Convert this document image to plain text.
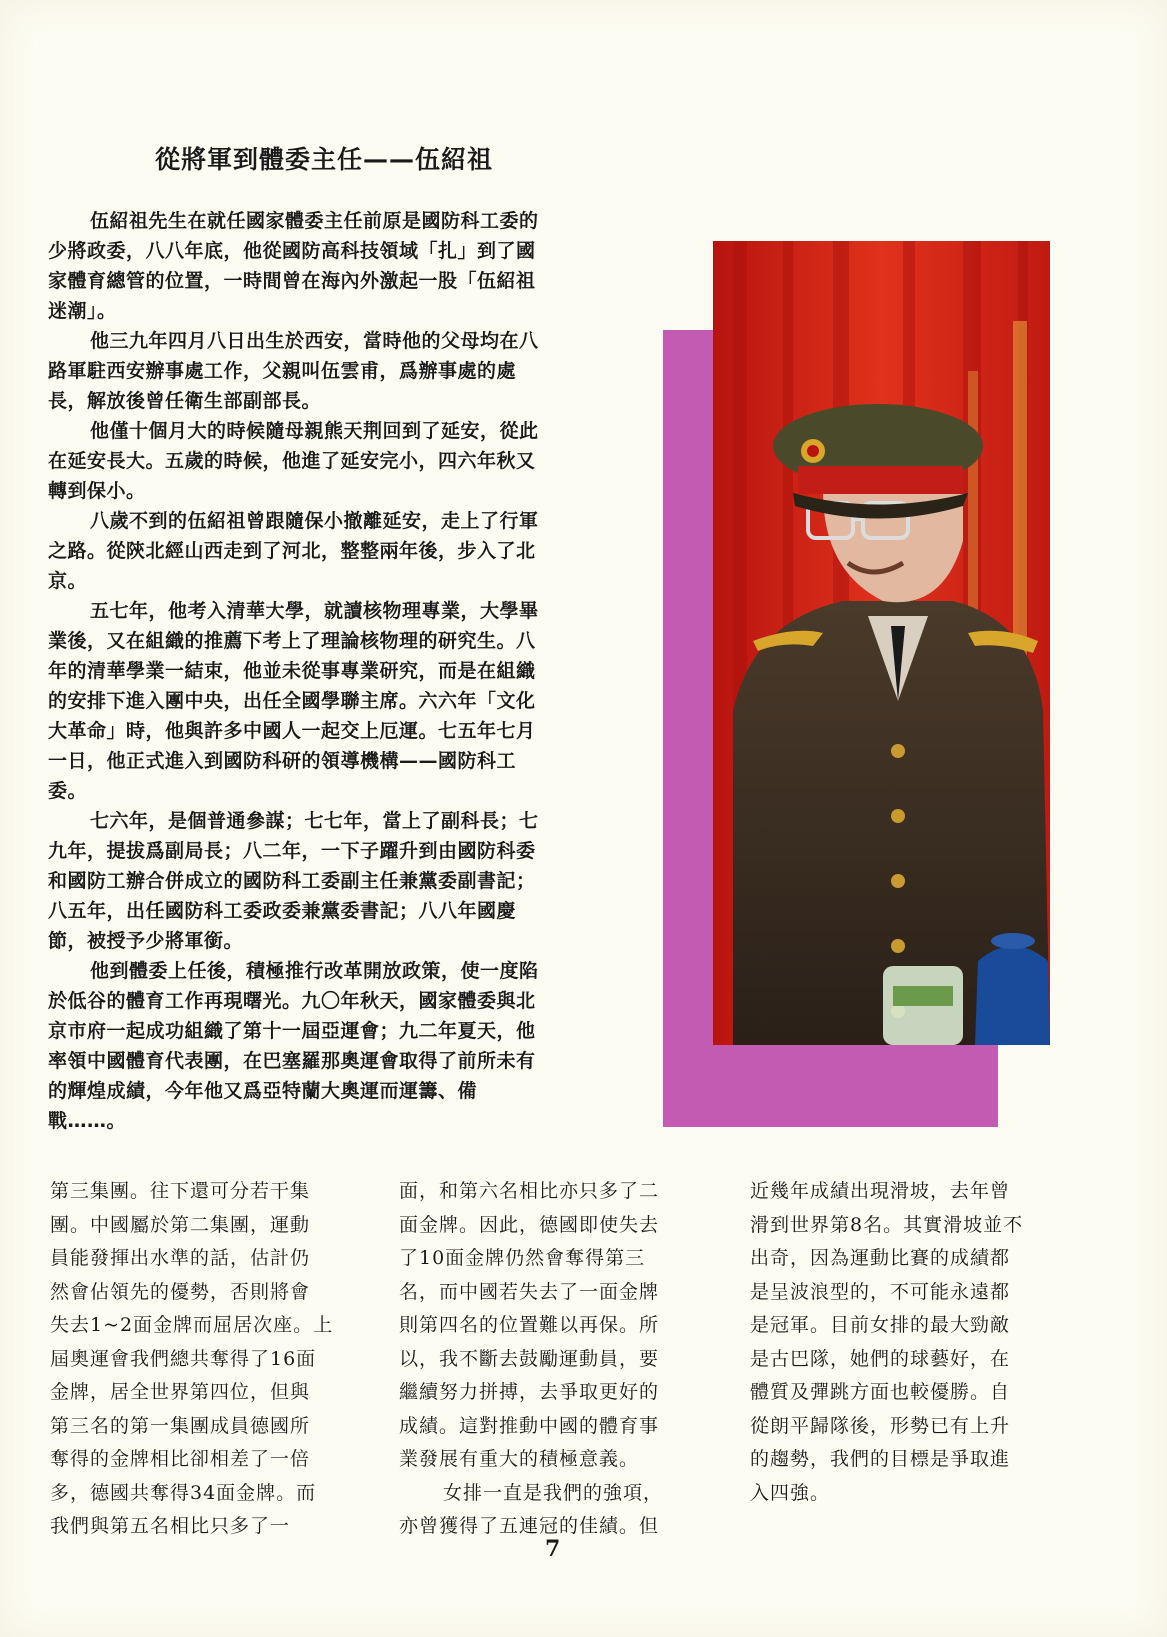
從將軍到體委主任——伍紹祖
伍紹祖先生在就任國家體委主任前原是國防科工委的
少將政委，八八年底，他從國防高科技領域「扎」到了國
家體育總管的位置，一時間曾在海內外激起一股「伍紹祖
迷潮」。
他三九年四月八日出生於西安，當時他的父母均在八
路軍駐西安辦事處工作，父親叫伍雲甫，爲辦事處的處
長，解放後曾任衛生部副部長。
他僅十個月大的時候隨母親熊天荆回到了延安，從此
在延安長大。五歲的時候，他進了延安完小，四六年秋又
轉到保小。
八歲不到的伍紹祖曾跟隨保小撤離延安，走上了行軍
之路。從陝北經山西走到了河北，整整兩年後，步入了北
京。
五七年，他考入清華大學，就讀核物理專業，大學畢
業後，又在組織的推薦下考上了理論核物理的研究生。八
年的清華學業一結束，他並未從事專業研究，而是在組織
的安排下進入團中央，出任全國學聯主席。六六年「文化
大革命」時，他與許多中國人一起交上厄運。七五年七月
一日，他正式進入到國防科研的領導機構——國防科工
委。
七六年，是個普通參謀；七七年，當上了副科長；七
九年，提拔爲副局長；八二年，一下子躍升到由國防科委
和國防工辦合併成立的國防科工委副主任兼黨委副書記；
八五年，出任國防科工委政委兼黨委書記；八八年國慶
節，被授予少將軍銜。
他到體委上任後，積極推行改革開放政策，使一度陷
於低谷的體育工作再現曙光。九〇年秋天，國家體委與北
京市府一起成功組織了第十一屆亞運會；九二年夏天，他
率領中國體育代表團，在巴塞羅那奧運會取得了前所未有
的輝煌成績，今年他又爲亞特蘭大奧運而運籌、備
戰……。
第三集團。往下還可分若干集
團。中國屬於第二集團，運動
員能發揮出水準的話，估計仍
然會佔領先的優勢，否則將會
失去1~2面金牌而屈居次座。上
屆奧運會我們總共奪得了16面
金牌，居全世界第四位，但與
第三名的第一集團成員德國所
奪得的金牌相比卻相差了一倍
多，德國共奪得34面金牌。而
我們與第五名相比只多了一
面，和第六名相比亦只多了二
面金牌。因此，德國即使失去
了10面金牌仍然會奪得第三
名，而中國若失去了一面金牌
則第四名的位置難以再保。所
以，我不斷去鼓勵運動員，要
繼續努力拼搏，去爭取更好的
成績。這對推動中國的體育事
業發展有重大的積極意義。
女排一直是我們的強項，
亦曾獲得了五連冠的佳績。但
近幾年成績出現滑坡，去年曾
滑到世界第8名。其實滑坡並不
出奇，因為運動比賽的成績都
是呈波浪型的，不可能永遠都
是冠軍。目前女排的最大勁敵
是古巴隊，她們的球藝好，在
體質及彈跳方面也較優勝。自
從朗平歸隊後，形勢已有上升
的趨勢，我們的目標是爭取進
入四強。
7
